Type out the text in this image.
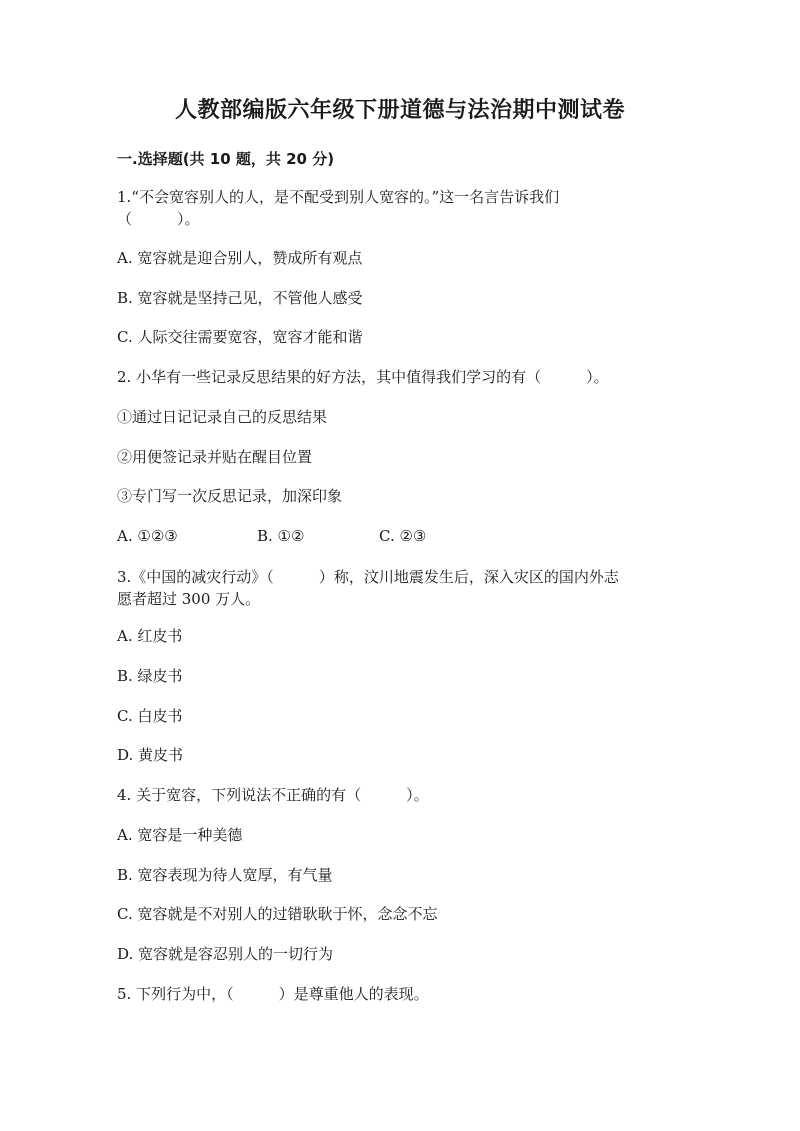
人教部编版六年级下册道德与法治期中测试卷
一.选择题(共 10 题，共 20 分)
1.“不会宽容别人的人，是不配受到别人宽容的。”这一名言告诉我们
（　　　）。
A. 宽容就是迎合别人，赞成所有观点
B. 宽容就是坚持己见，不管他人感受
C. 人际交往需要宽容，宽容才能和谐
2. 小华有一些记录反思结果的好方法，其中值得我们学习的有（　　　）。
①通过日记记录自己的反思结果
②用便签记录并贴在醒目位置
③专门写一次反思记录，加深印象
A. ①②③	B. ①②	C. ②③
3.《中国的减灾行动》（　　　）称，汶川地震发生后，深入灾区的国内外志
愿者超过 300 万人。
A. 红皮书
B. 绿皮书
C. 白皮书
D. 黄皮书
4. 关于宽容，下列说法不正确的有（　　　）。
A. 宽容是一种美德
B. 宽容表现为待人宽厚，有气量
C. 宽容就是不对别人的过错耿耿于怀，念念不忘
D. 宽容就是容忍别人的一切行为
5. 下列行为中，（　　　）是尊重他人的表现。
